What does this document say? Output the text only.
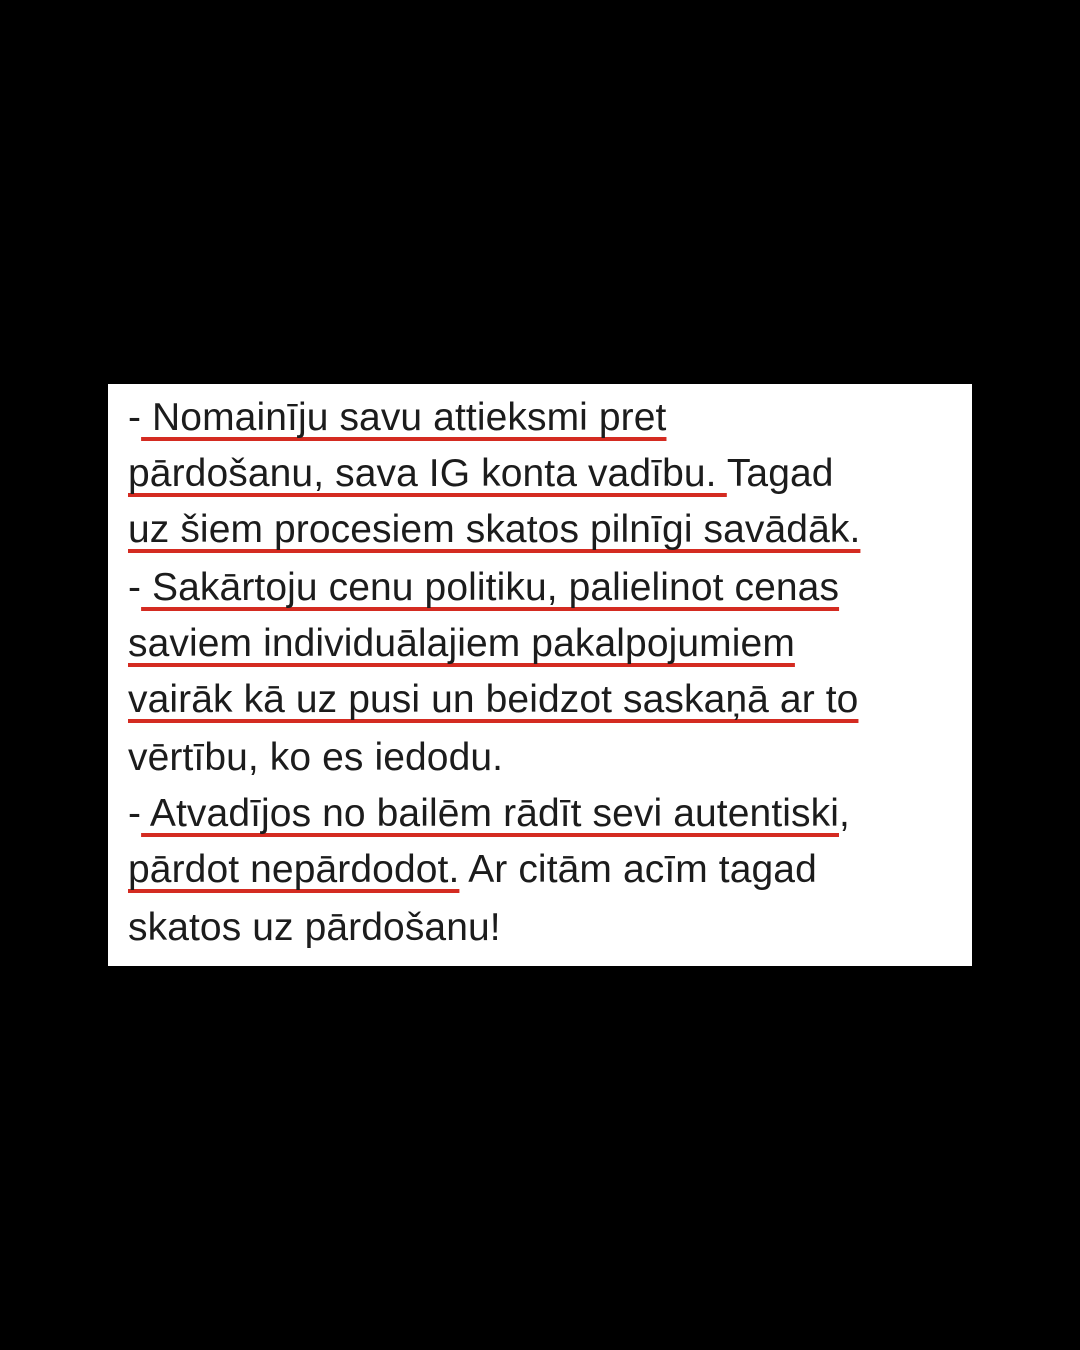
- Nomainīju savu attieksmi pret
pārdošanu, sava IG konta vadību. Tagad
uz šiem procesiem skatos pilnīgi savādāk.
- Sakārtoju cenu politiku, palielinot cenas
saviem individuālajiem pakalpojumiem
vairāk kā uz pusi un beidzot saskaņā ar to
vērtību, ko es iedodu.
- Atvadījos no bailēm rādīt sevi autentiski,
pārdot nepārdodot. Ar citām acīm tagad
skatos uz pārdošanu!
